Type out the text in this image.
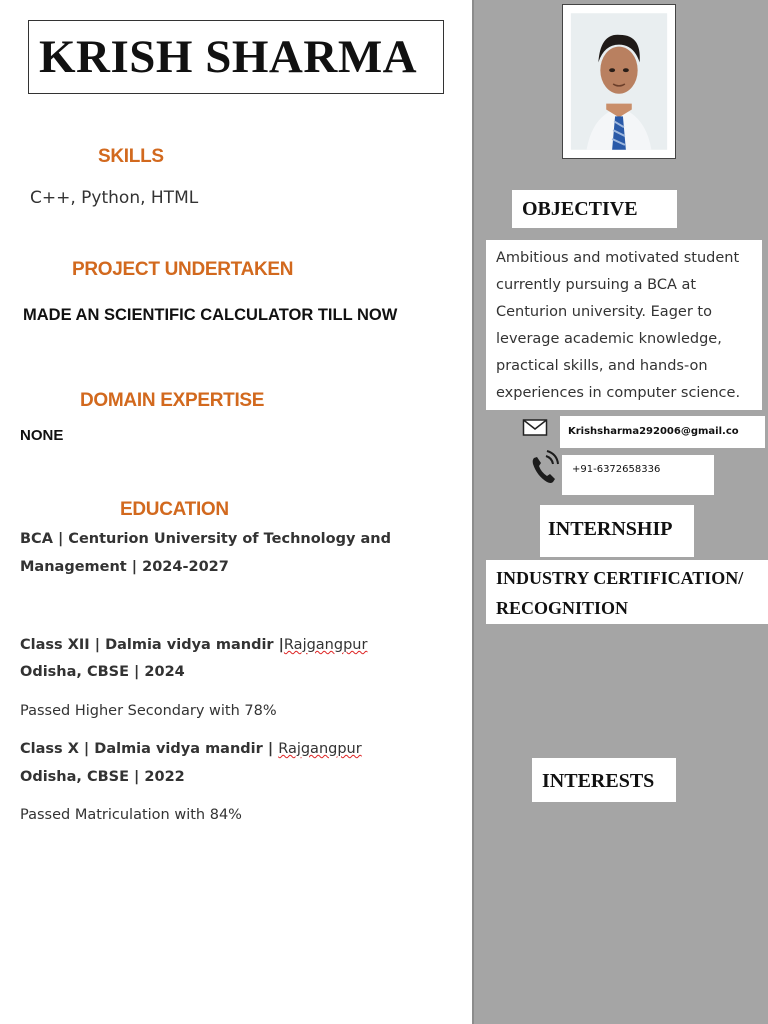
KRISH SHARMA
SKILLS
C++, Python, HTML
PROJECT UNDERTAKEN
MADE AN SCIENTIFIC CALCULATOR TILL NOW
DOMAIN EXPERTISE
NONE
EDUCATION
BCA | Centurion University of Technology and
Management | 2024-2027
Class XII | Dalmia vidya mandir |Rajgangpur
Odisha, CBSE | 2024
Passed Higher Secondary with 78%
Class X | Dalmia vidya mandir | Rajgangpur
Odisha, CBSE | 2022
Passed Matriculation with 84%
OBJECTIVE
Ambitious and motivated student currently pursuing a BCA at Centurion university. Eager to leverage academic knowledge, practical skills, and hands-on experiences in computer science.
Krishsharma292006@gmail.co
+91-6372658336
INTERNSHIP
INDUSTRY CERTIFICATION/
RECOGNITION
INTERESTS
